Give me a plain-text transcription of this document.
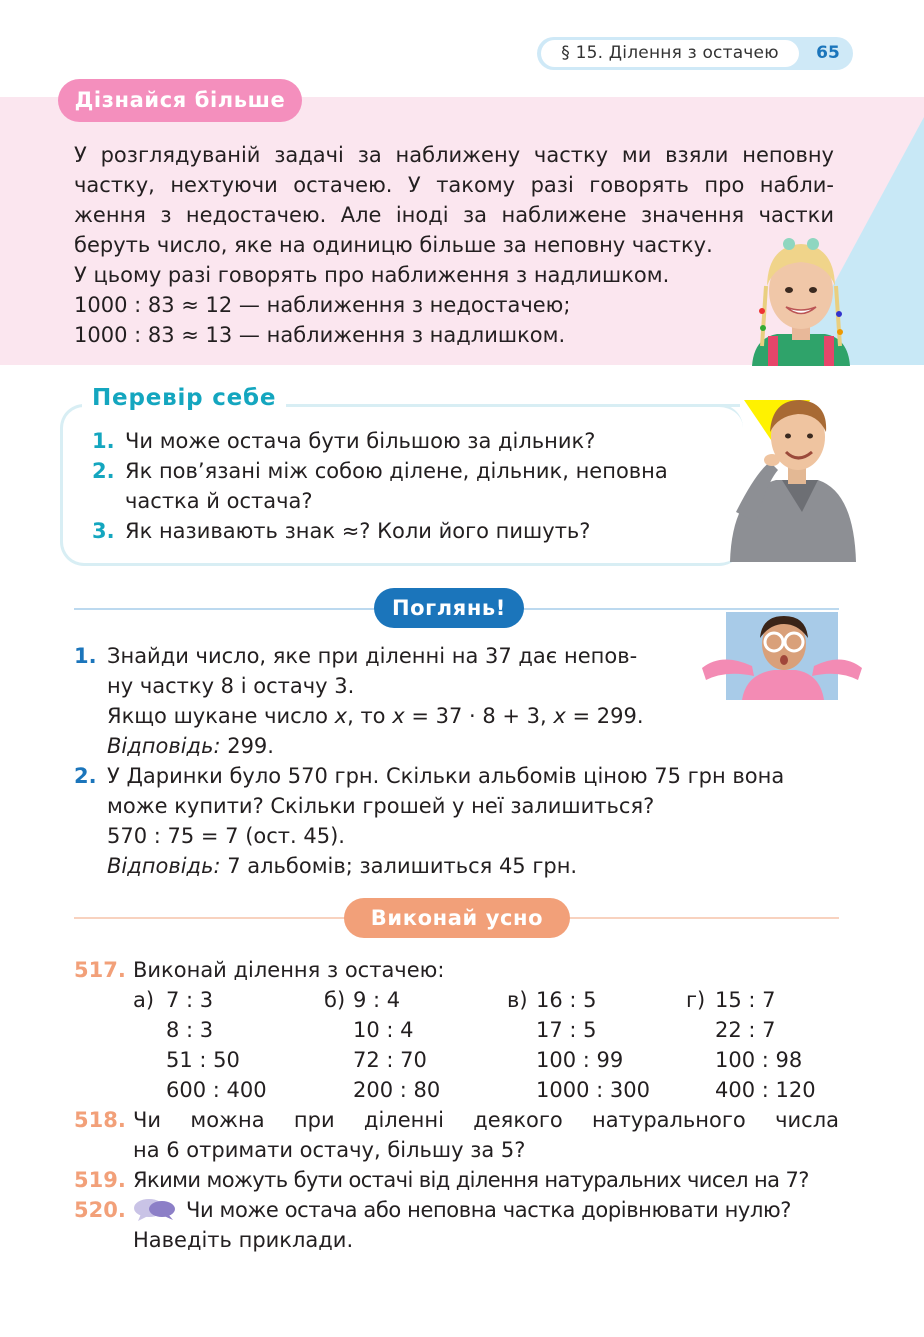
§ 15. Ділення з остачею	65
Дізнайся більше
У розглядуваній задачі за наближену частку ми взяли неповну
частку, нехтуючи остачею. У такому разі говорять про набли-
ження з недостачею. Але іноді за наближене значення частки
беруть число, яке на одиницю більше за неповну частку.
У цьому разі говорять про наближення з надлишком.
1000 : 83 ≈ 12 — наближення з недостачею;
1000 : 83 ≈ 13 — наближення з надлишком.
Перевір себе
1. Чи може остача бути більшою за дільник?
2. Як пов’язані між собою ділене, дільник, неповна
частка й остача?
3. Як називають знак ≈? Коли його пишуть?
Поглянь!
1. Знайди число, яке при діленні на 37 дає непов-
ну частку 8 і остачу 3.
Якщо шукане число x, то x = 37 · 8 + 3, x = 299.
Відповідь: 299.
2. У Даринки було 570 грн. Скільки альбомів ціною 75 грн вона
може купити? Скільки грошей у неї залишиться?
570 : 75 = 7 (ост. 45).
Відповідь: 7 альбомів; залишиться 45 грн.
Виконай усно
517. Виконай ділення з остачею:
а) 7 : 3	б) 9 : 4	в) 16 : 5	г) 15 : 7
8 : 3	10 : 4	17 : 5	22 : 7
51 : 50	72 : 70	100 : 99	100 : 98
600 : 400	200 : 80	1000 : 300	400 : 120
518. Чи можна при діленні деякого натурального числа
на 6 отримати остачу, більшу за 5?
519. Якими можуть бути остачі від ділення натуральних чисел на 7?
520.	Чи може остача або неповна частка дорівнювати нулю?
Наведіть приклади.
